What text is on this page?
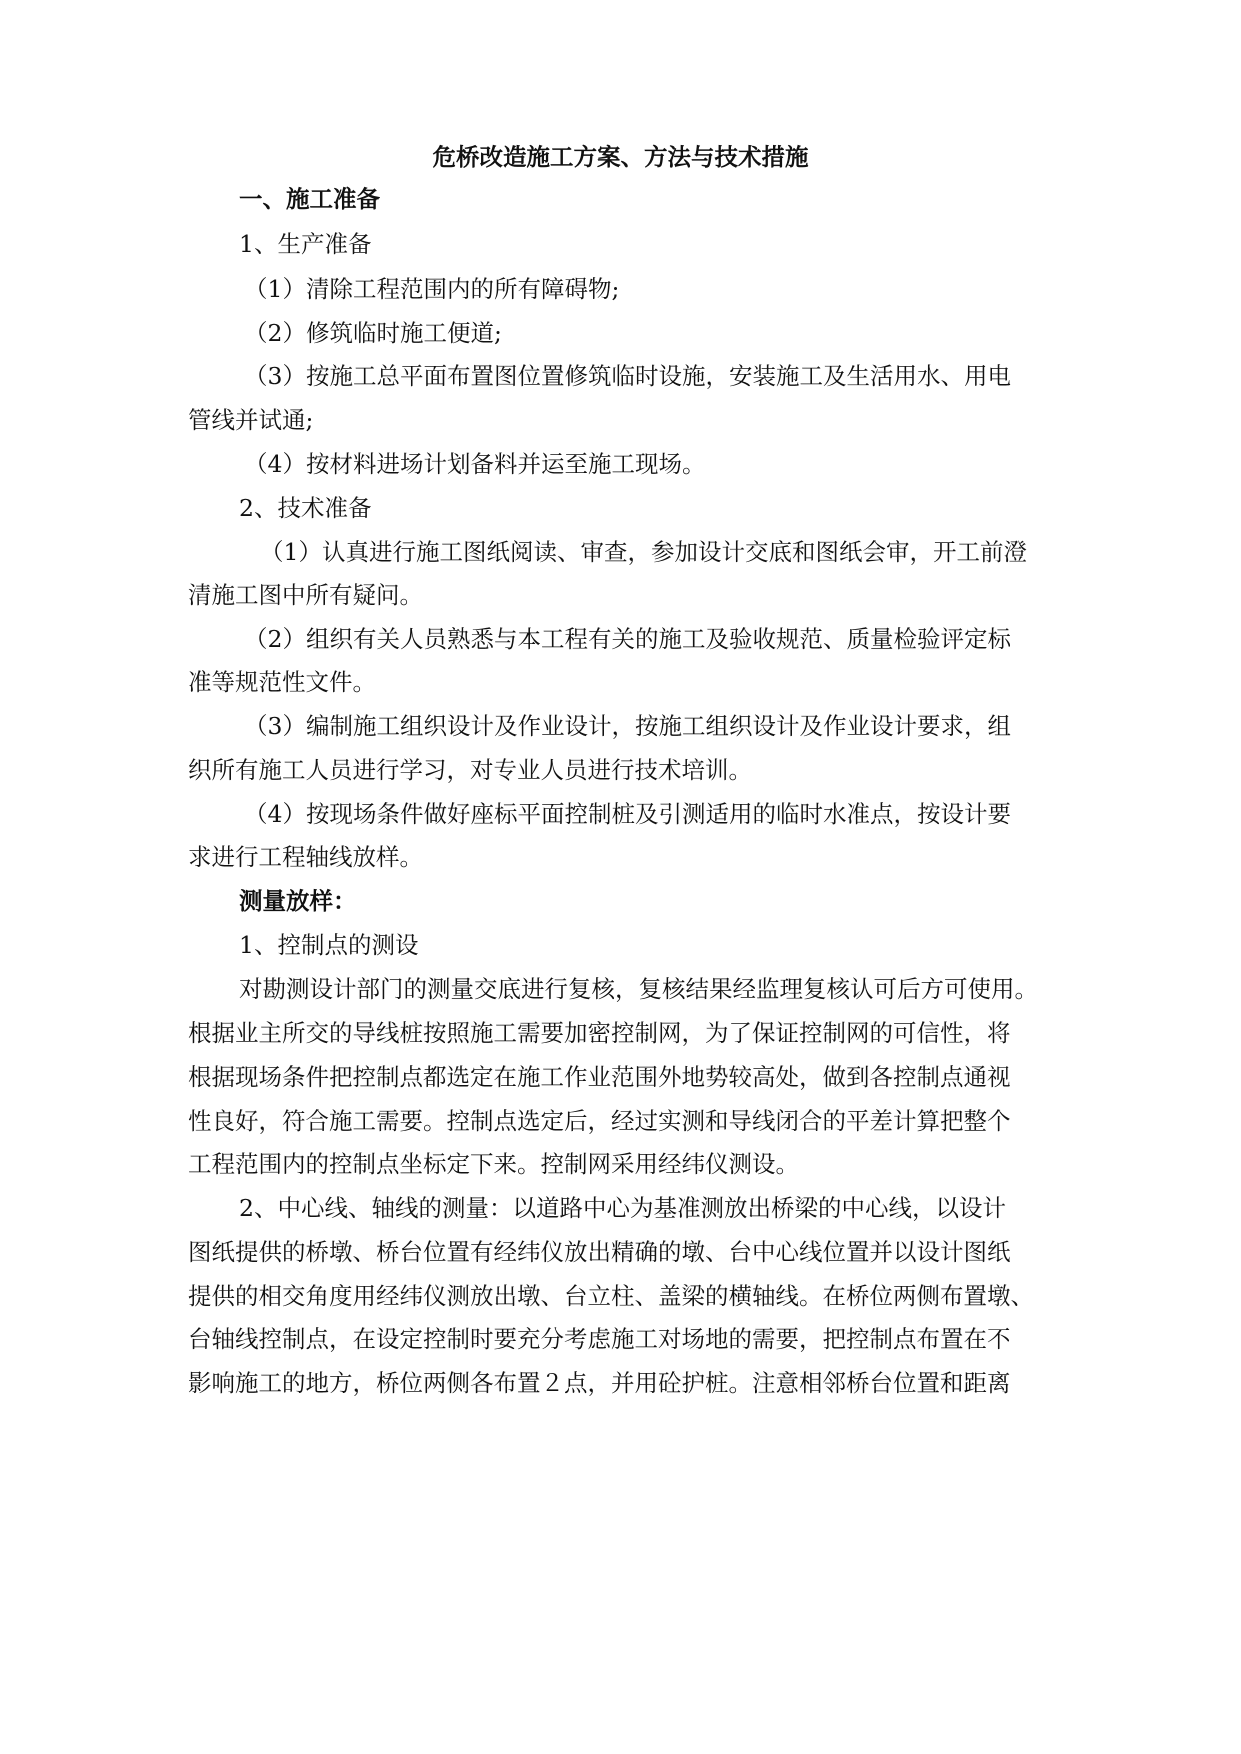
危桥改造施工方案、方法与技术措施
一、施工准备
1、生产准备
（1）清除工程范围内的所有障碍物;
（2）修筑临时施工便道;
（3）按施工总平面布置图位置修筑临时设施，安装施工及生活用水、用电
管线并试通;
（4）按材料进场计划备料并运至施工现场。
2、技术准备
（1）认真进行施工图纸阅读、审查，参加设计交底和图纸会审，开工前澄
清施工图中所有疑问。
（2）组织有关人员熟悉与本工程有关的施工及验收规范、质量检验评定标
准等规范性文件。
（3）编制施工组织设计及作业设计，按施工组织设计及作业设计要求，组
织所有施工人员进行学习，对专业人员进行技术培训。
（4）按现场条件做好座标平面控制桩及引测适用的临时水准点，按设计要
求进行工程轴线放样。
测量放样：
1、控制点的测设
对勘测设计部门的测量交底进行复核，复核结果经监理复核认可后方可使用。
根据业主所交的导线桩按照施工需要加密控制网，为了保证控制网的可信性，将
根据现场条件把控制点都选定在施工作业范围外地势较高处，做到各控制点通视
性良好，符合施工需要。控制点选定后，经过实测和导线闭合的平差计算把整个
工程范围内的控制点坐标定下来。控制网采用经纬仪测设。
2、中心线、轴线的测量：以道路中心为基准测放出桥梁的中心线，以设计
图纸提供的桥墩、桥台位置有经纬仪放出精确的墩、台中心线位置并以设计图纸
提供的相交角度用经纬仪测放出墩、台立柱、盖梁的横轴线。在桥位两侧布置墩、
台轴线控制点，在设定控制时要充分考虑施工对场地的需要，把控制点布置在不
影响施工的地方，桥位两侧各布置２点，并用砼护桩。注意相邻桥台位置和距离
